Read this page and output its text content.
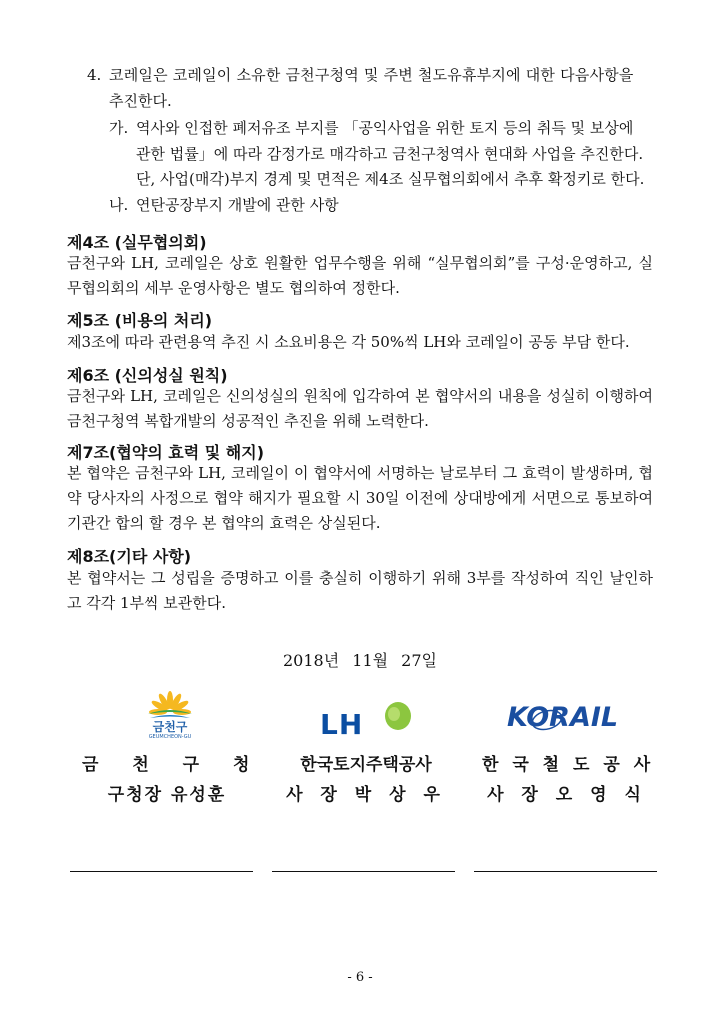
4. 코레일은 코레일이 소유한 금천구청역 및 주변 철도유휴부지에 대한 다음사항을
추진한다.
가. 역사와 인접한 폐저유조 부지를 「공익사업을 위한 토지 등의 취득 및 보상에
관한 법률」에 따라 감정가로 매각하고 금천구청역사 현대화 사업을 추진한다.
단, 사업(매각)부지 경계 및 면적은 제4조 실무협의회에서 추후 확정키로 한다.
나. 연탄공장부지 개발에 관한 사항
제4조 (실무협의회)
금천구와 LH, 코레일은 상호 원활한 업무수행을 위해 “실무협의회”를 구성·운영하고, 실무협의회의 세부 운영사항은 별도 협의하여 정한다.
제5조 (비용의 처리)
제3조에 따라 관련용역 추진 시 소요비용은 각 50%씩 LH와 코레일이 공동 부담 한다.
제6조 (신의성실 원칙)
금천구와 LH, 코레일은 신의성실의 원칙에 입각하여 본 협약서의 내용을 성실히 이행하여 금천구청역 복합개발의 성공적인 추진을 위해 노력한다.
제7조(협약의 효력 및 해지)
본 협약은 금천구와 LH, 코레일이 이 협약서에 서명하는 날로부터 그 효력이 발생하며, 협약 당사자의 사정으로 협약 해지가 필요할 시 30일 이전에 상대방에게 서면으로 통보하여 기관간 합의 할 경우 본 협약의 효력은 상실된다.
제8조(기타 사항)
본 협약서는 그 성립을 증명하고 이를 충실히 이행하기 위해 3부를 작성하여 직인 날인하고 각각 1부씩 보관한다.
2018년 11월 27일
금천구
GEUMCHEON-GU	LH	KORAIL
금 천 구 청	한국토지주택공사	한 국 철 도 공 사
구청장 유성훈	사 장 박 상 우	사 장 오 영 식
- 6 -
